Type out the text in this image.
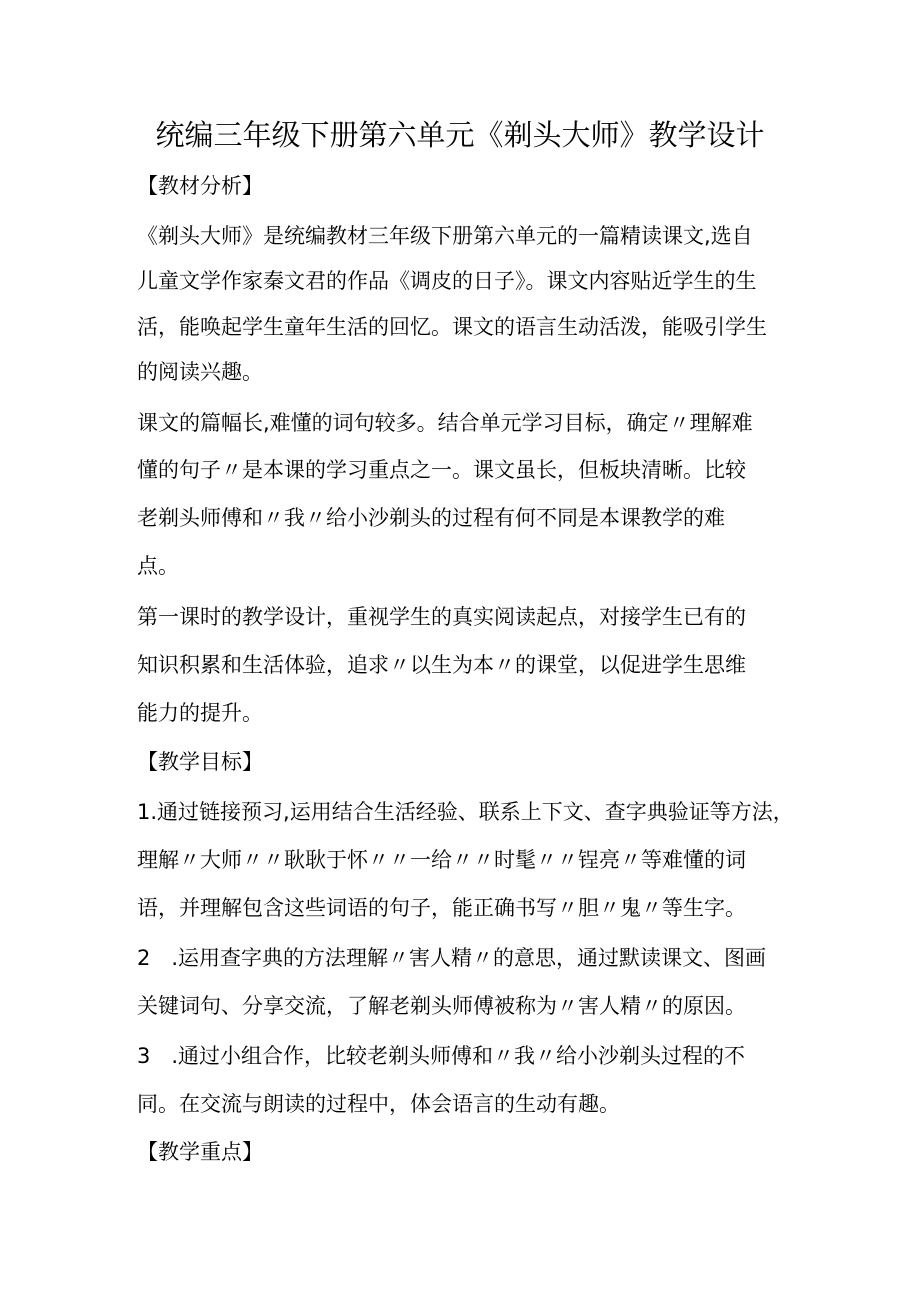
统编三年级下册第六单元《剃头大师》教学设计
【教材分析】
《剃头大师》是统编教材三年级下册第六单元的一篇精读课文,选自
儿童文学作家秦文君的作品《调皮的日子》。课文内容贴近学生的生
活，能唤起学生童年生活的回忆。课文的语言生动活泼，能吸引学生
的阅读兴趣。
课文的篇幅长,难懂的词句较多。结合单元学习目标，确定〃理解难
懂的句子〃是本课的学习重点之一。课文虽长，但板块清晰。比较
老剃头师傅和〃我〃给小沙剃头的过程有何不同是本课教学的难
点。
第一课时的教学设计，重视学生的真实阅读起点，对接学生已有的
知识积累和生活体验，追求〃以生为本〃的课堂，以促进学生思维
能力的提升。
【教学目标】
1.通过链接预习,运用结合生活经验、联系上下文、查字典验证等方法，
理解〃大师〃〃耿耿于怀〃〃一给〃〃时髦〃〃锃亮〃等难懂的词
语，并理解包含这些词语的句子，能正确书写〃胆〃鬼〃等生字。
2　.运用查字典的方法理解〃害人精〃的意思，通过默读课文、图画
关键词句、分享交流，了解老剃头师傅被称为〃害人精〃的原因。
3　.通过小组合作，比较老剃头师傅和〃我〃给小沙剃头过程的不
同。在交流与朗读的过程中，体会语言的生动有趣。
【教学重点】
